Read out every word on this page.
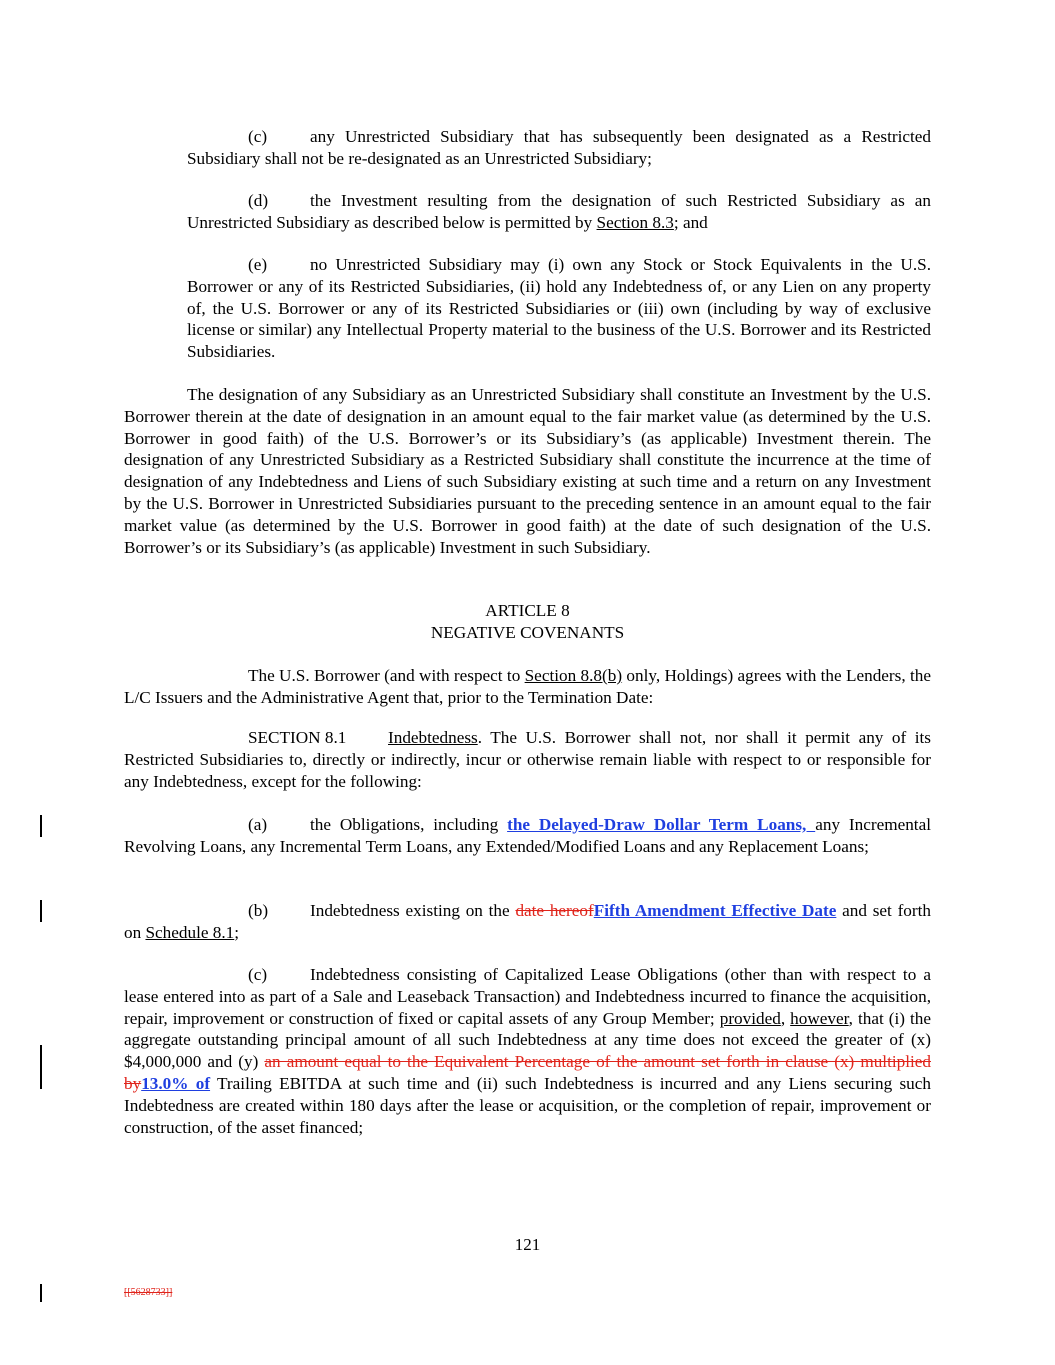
(c) any Unrestricted Subsidiary that has subsequently been designated as a Restricted Subsidiary shall not be re-designated as an Unrestricted Subsidiary;

(d) the Investment resulting from the designation of such Restricted Subsidiary as an Unrestricted Subsidiary as described below is permitted by Section 8.3; and

(e) no Unrestricted Subsidiary may (i) own any Stock or Stock Equivalents in the U.S. Borrower or any of its Restricted Subsidiaries, (ii) hold any Indebtedness of, or any Lien on any property of, the U.S. Borrower or any of its Restricted Subsidiaries or (iii) own (including by way of exclusive license or similar) any Intellectual Property material to the business of the U.S. Borrower and its Restricted Subsidiaries.

The designation of any Subsidiary as an Unrestricted Subsidiary shall constitute an Investment by the U.S. Borrower therein at the date of designation in an amount equal to the fair market value (as determined by the U.S. Borrower in good faith) of the U.S. Borrower’s or its Subsidiary’s (as applicable) Investment therein. The designation of any Unrestricted Subsidiary as a Restricted Subsidiary shall constitute the incurrence at the time of designation of any Indebtedness and Liens of such Subsidiary existing at such time and a return on any Investment by the U.S. Borrower in Unrestricted Subsidiaries pursuant to the preceding sentence in an amount equal to the fair market value (as determined by the U.S. Borrower in good faith) at the date of such designation of the U.S. Borrower’s or its Subsidiary’s (as applicable) Investment in such Subsidiary.

ARTICLE 8

NEGATIVE COVENANTS

The U.S. Borrower (and with respect to Section 8.8(b) only, Holdings) agrees with the Lenders, the L/C Issuers and the Administrative Agent that, prior to the Termination Date:

SECTION 8.1 Indebtedness. The U.S. Borrower shall not, nor shall it permit any of its Restricted Subsidiaries to, directly or indirectly, incur or otherwise remain liable with respect to or responsible for any Indebtedness, except for the following:

(a) the Obligations, including the Delayed-Draw Dollar Term Loans, any Incremental Revolving Loans, any Incremental Term Loans, any Extended/Modified Loans and any Replacement Loans;

(b) Indebtedness existing on the date hereofFifth Amendment Effective Date and set forth on Schedule 8.1;

(c) Indebtedness consisting of Capitalized Lease Obligations (other than with respect to a lease entered into as part of a Sale and Leaseback Transaction) and Indebtedness incurred to finance the acquisition, repair, improvement or construction of fixed or capital assets of any Group Member; provided, however, that (i) the aggregate outstanding principal amount of all such Indebtedness at any time does not exceed the greater of (x) $4,000,000 and (y) an amount equal to the Equivalent Percentage of the amount set forth in clause (x) multiplied by13.0% of Trailing EBITDA at such time and (ii) such Indebtedness is incurred and any Liens securing such Indebtedness are created within 180 days after the lease or acquisition, or the completion of repair, improvement or construction, of the asset financed;

121
[[5628733]]
